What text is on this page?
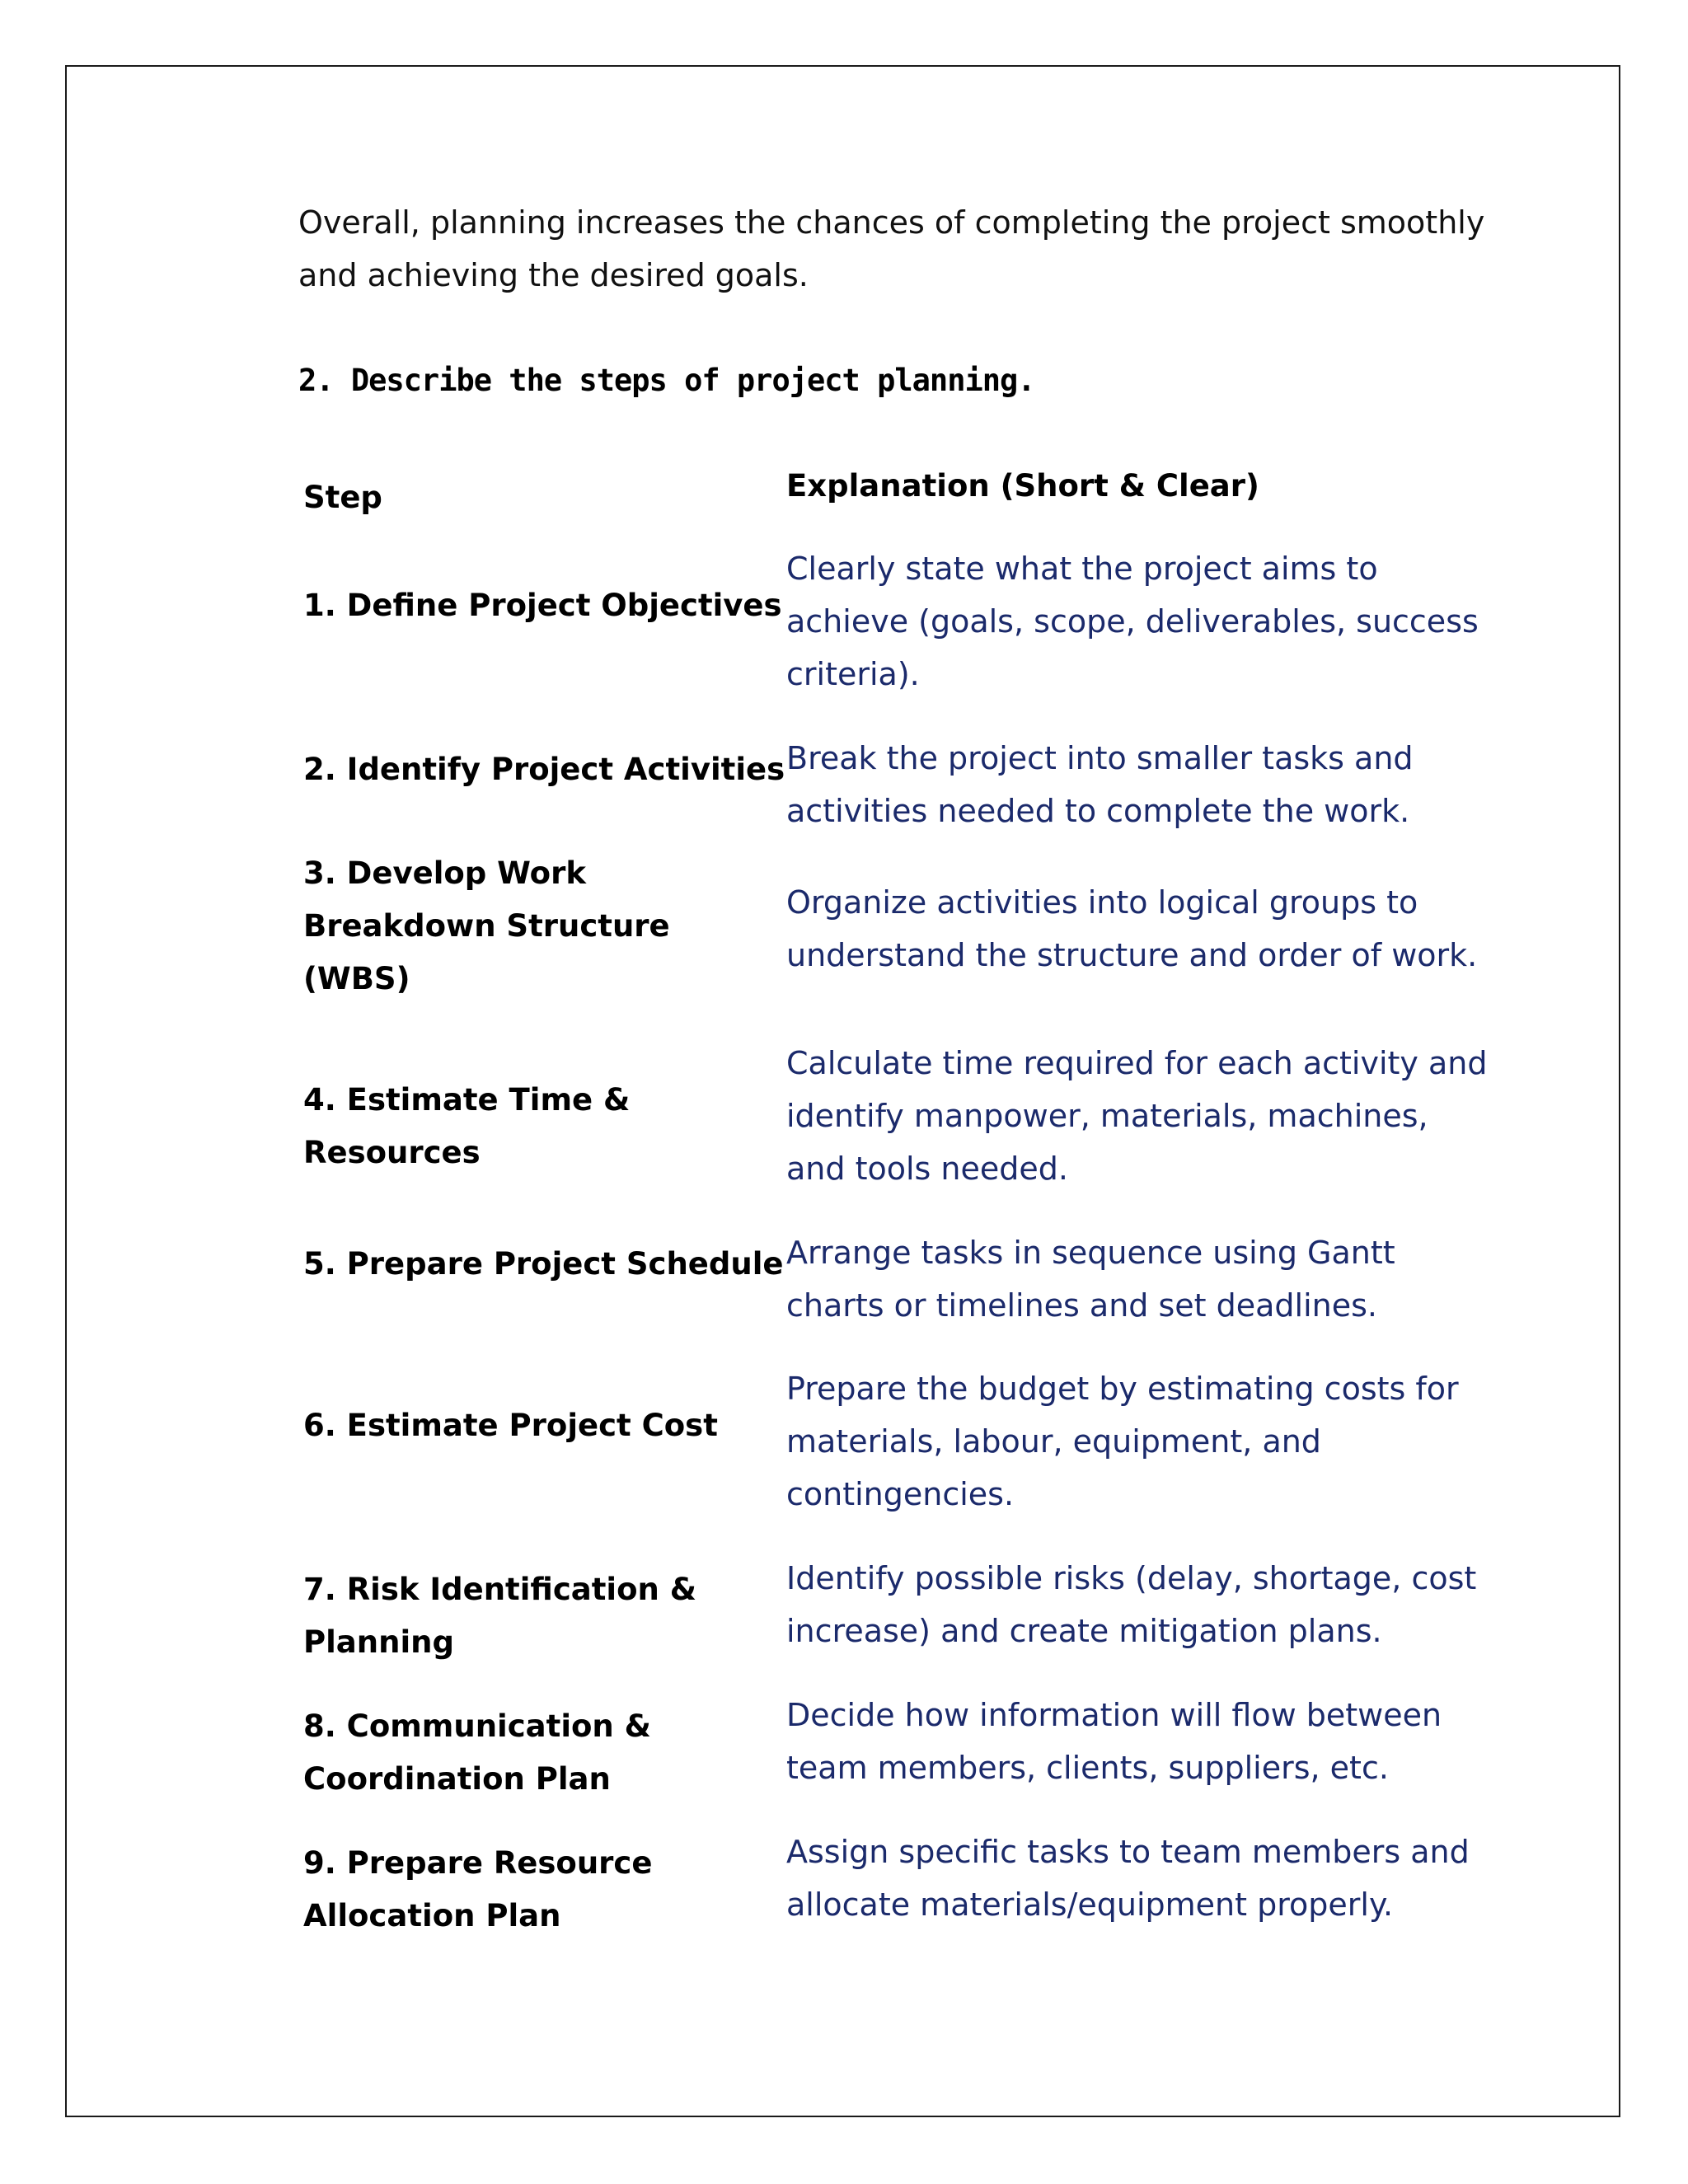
Overall, planning increases the chances of completing the project smoothly and achieving the desired goals.

2. Describe the steps of project planning.

Step	Explanation (Short & Clear)
1. Define Project Objectives
Clearly state what the project aims to achieve (goals, scope, deliverables, success criteria).
2. Identify Project Activities Break the project into smaller tasks and activities needed to complete the work.
3. Develop Work Breakdown Structure (WBS)
Organize activities into logical groups to understand the structure and order of work.
4. Estimate Time & Resources
Calculate time required for each activity and identify manpower, materials, machines, and tools needed.
5. Prepare Project Schedule Arrange tasks in sequence using Gantt charts or timelines and set deadlines.
6. Estimate Project Cost
Prepare the budget by estimating costs for materials, labour, equipment, and contingencies.
7. Risk Identification & Planning
Identify possible risks (delay, shortage, cost increase) and create mitigation plans.
8. Communication & Coordination Plan
Decide how information will flow between team members, clients, suppliers, etc.
9. Prepare Resource Allocation Plan
Assign specific tasks to team members and allocate materials/equipment properly.
